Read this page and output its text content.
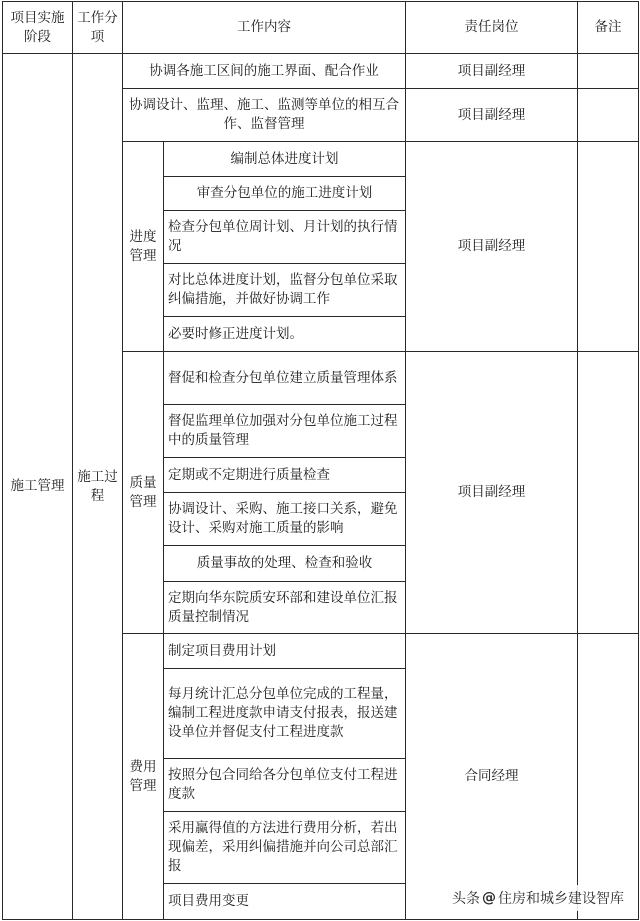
项目实施阶段	工作分项	工作内容		责任岗位	备注
施工管理	施工过程	协调各施工区间的施工界面、配合作业		项目副经理	
		协调设计、监理、施工、监测等单位的相互合作、监督管理		项目副经理	
		进度管理	编制总体进度计划	项目副经理	
			审查分包单位的施工进度计划		
			检查分包单位周计划、月计划的执行情况		
			对比总体进度计划，监督分包单位采取纠偏措施，并做好协调工作		
			必要时修正进度计划。		
		质量管理	督促和检查分包单位建立质量管理体系	项目副经理	
			督促监理单位加强对分包单位施工过程中的质量管理		
			定期或不定期进行质量检查		
			协调设计、采购、施工接口关系，避免设计、采购对施工质量的影响		
			质量事故的处理、检查和验收		
			定期向华东院质安环部和建设单位汇报质量控制情况		
		费用管理	制定项目费用计划	合同经理	
			每月统计汇总分包单位完成的工程量，编制工程进度款申请支付报表，报送建设单位并督促支付工程进度款		
			按照分包合同给各分包单位支付工程进度款		
			采用赢得值的方法进行费用分析，若出现偏差，采用纠偏措施并向公司总部汇报		
			项目费用变更			头条 @ 住房和城乡建设智库
